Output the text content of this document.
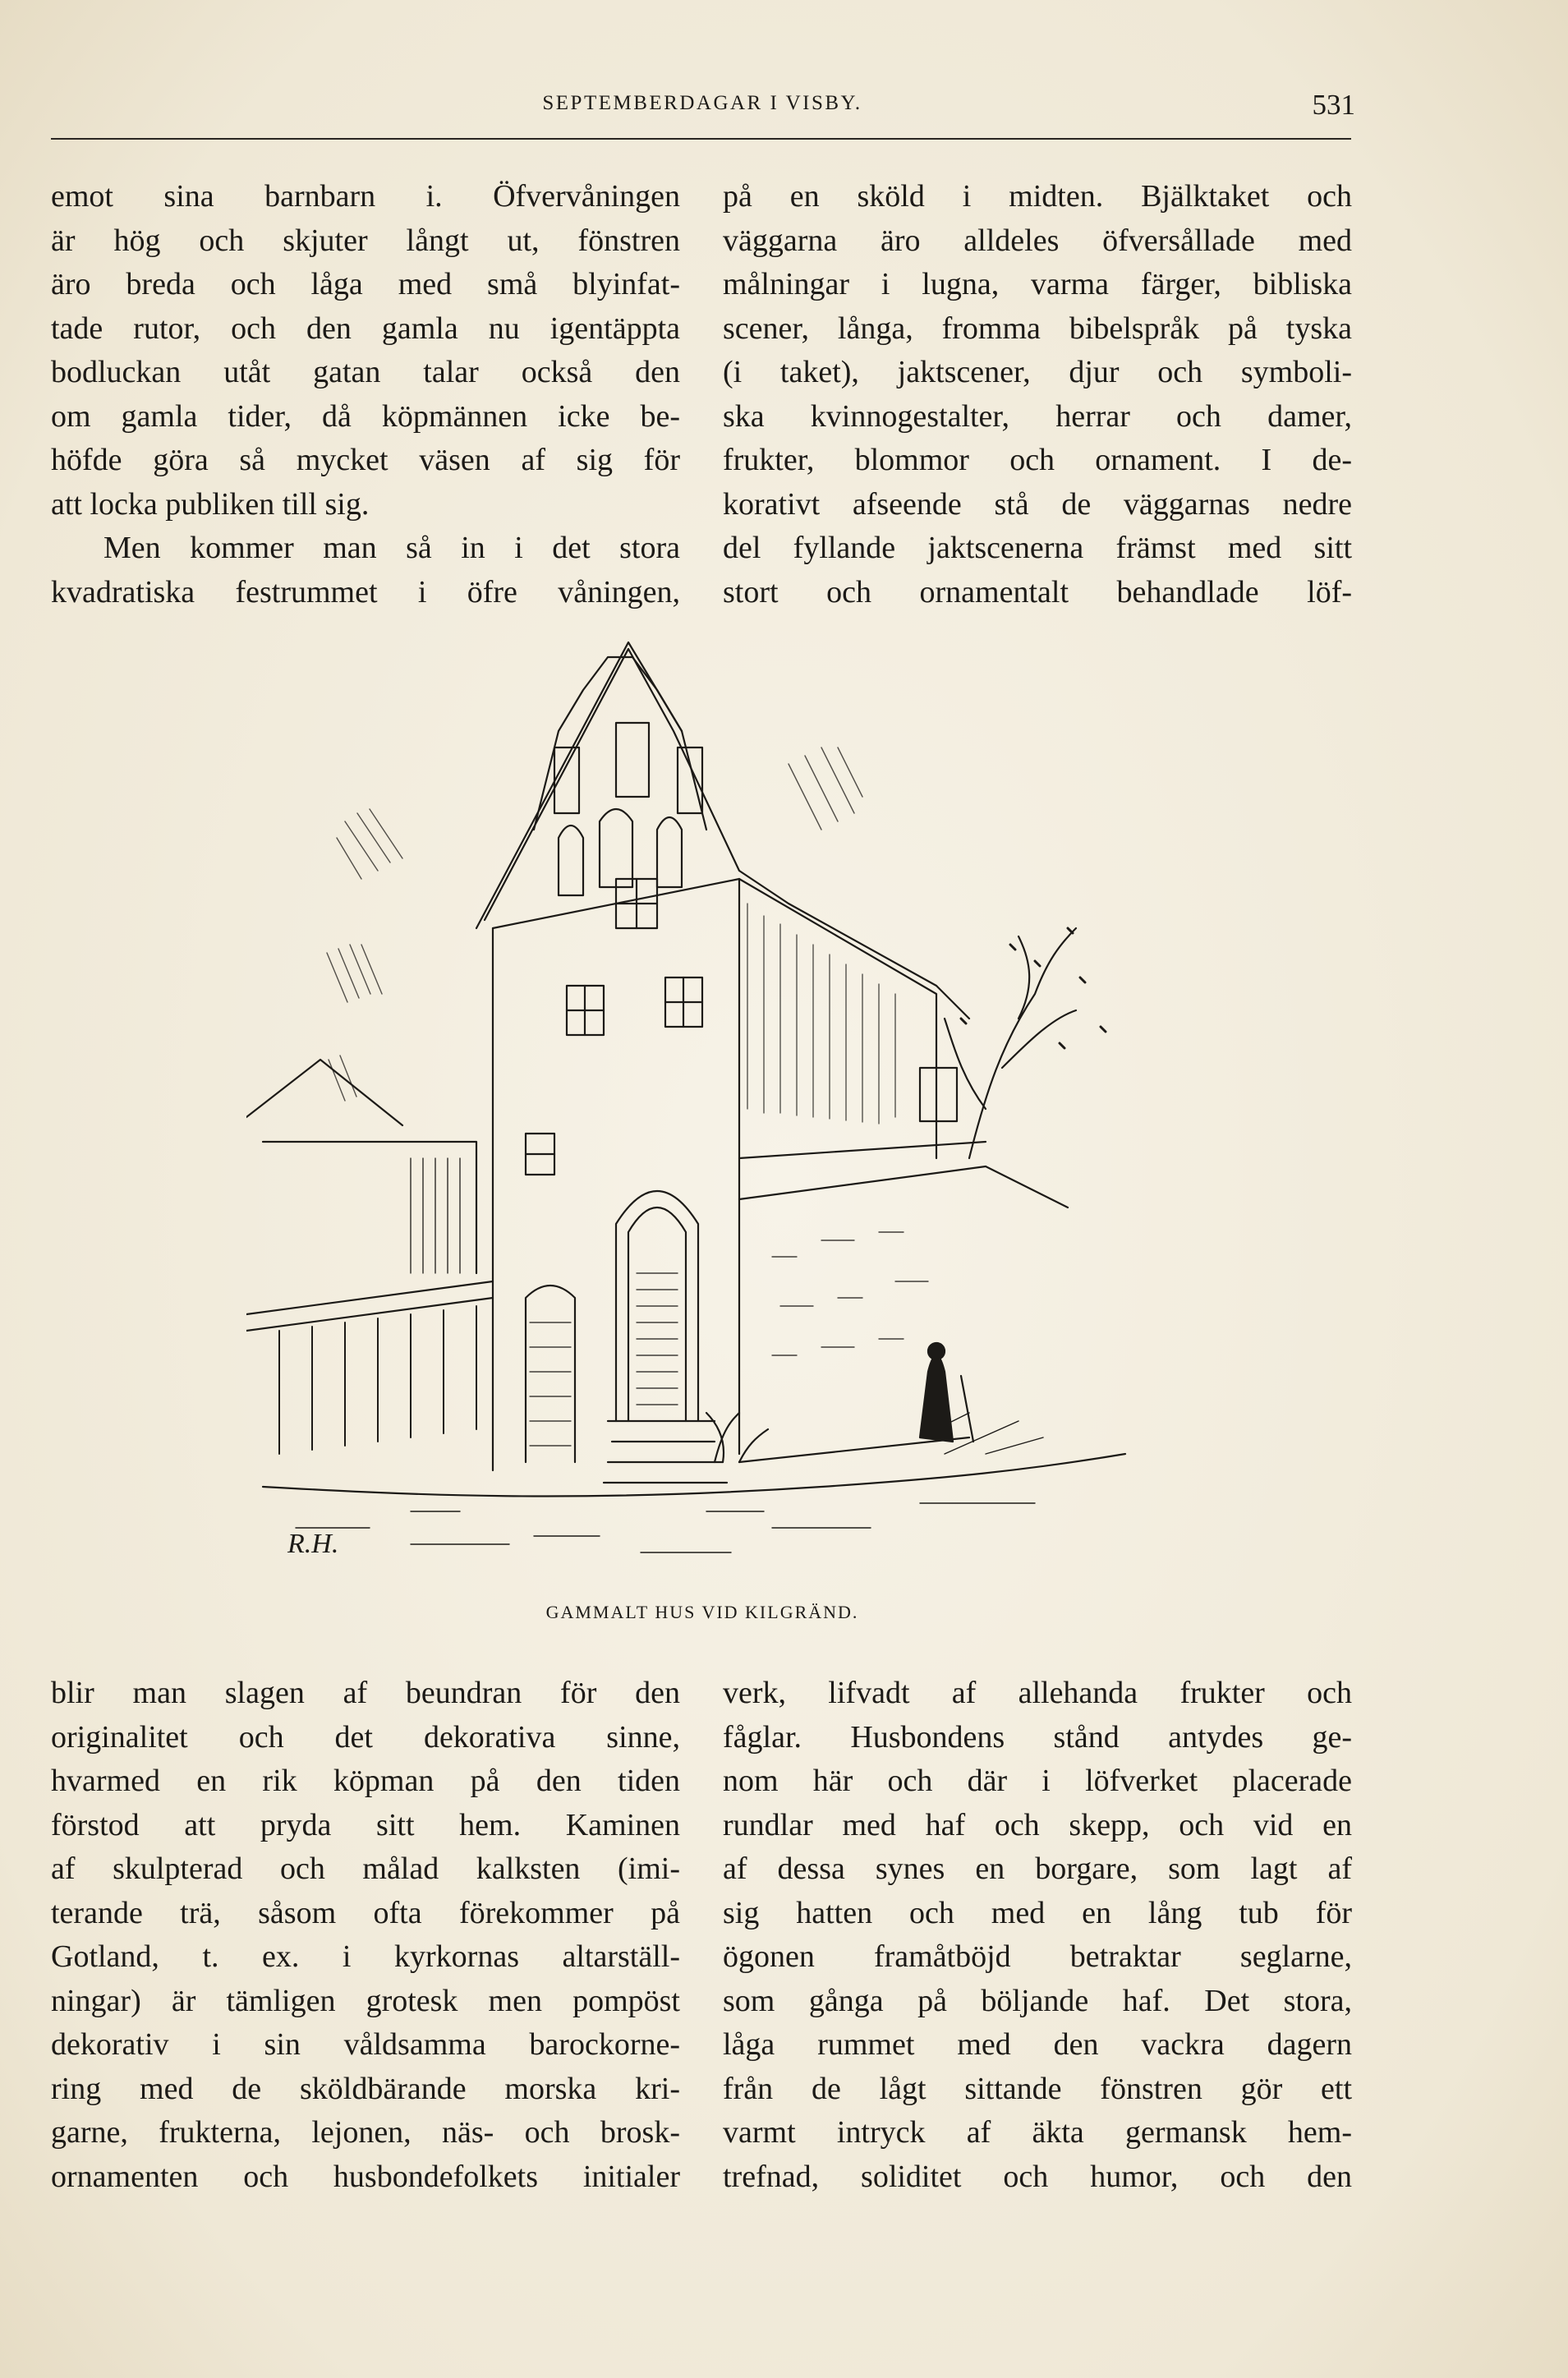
SEPTEMBERDAGAR I VISBY.	531

emot sina barnbarn i. Öfvervåningen
är hög och skjuter långt ut, fönstren
äro breda och låga med små blyinfat-
tade rutor, och den gamla nu igentäppta
bodluckan utåt gatan talar också den
om gamla tider, då köpmännen icke be-
höfde göra så mycket väsen af sig för
att locka publiken till sig.

Men kommer man så in i det stora
kvadratiska festrummet i öfre våningen,

på en sköld i midten. Bjälktaket och
väggarna äro alldeles öfversållade med
målningar i lugna, varma färger, bibliska
scener, långa, fromma bibelspråk på tyska
(i taket), jaktscener, djur och symboli-
ska kvinnogestalter, herrar och damer,
frukter, blommor och ornament. I de-
korativt afseende stå de väggarnas nedre
del fyllande jaktscenerna främst med sitt
stort och ornamentalt behandlade löf-

R.H.
GAMMALT HUS VID KILGRÄND.

blir man slagen af beundran för den
originalitet och det dekorativa sinne,
hvarmed en rik köpman på den tiden
förstod att pryda sitt hem. Kaminen
af skulpterad och målad kalksten (imi-
terande trä, såsom ofta förekommer på
Gotland, t. ex. i kyrkornas altarställ-
ningar) är tämligen grotesk men pompöst
dekorativ i sin våldsamma barockorne-
ring med de sköldbärande morska kri-
garne, frukterna, lejonen, näs- och brosk-
ornamenten och husbondefolkets initialer

verk, lifvadt af allehanda frukter och
fåglar. Husbondens stånd antydes ge-
nom här och där i löfverket placerade
rundlar med haf och skepp, och vid en
af dessa synes en borgare, som lagt af
sig hatten och med en lång tub för
ögonen framåtböjd betraktar seglarne,
som gånga på böljande haf. Det stora,
låga rummet med den vackra dagern
från de lågt sittande fönstren gör ett
varmt intryck af äkta germansk hem-
trefnad, soliditet och humor, och den
